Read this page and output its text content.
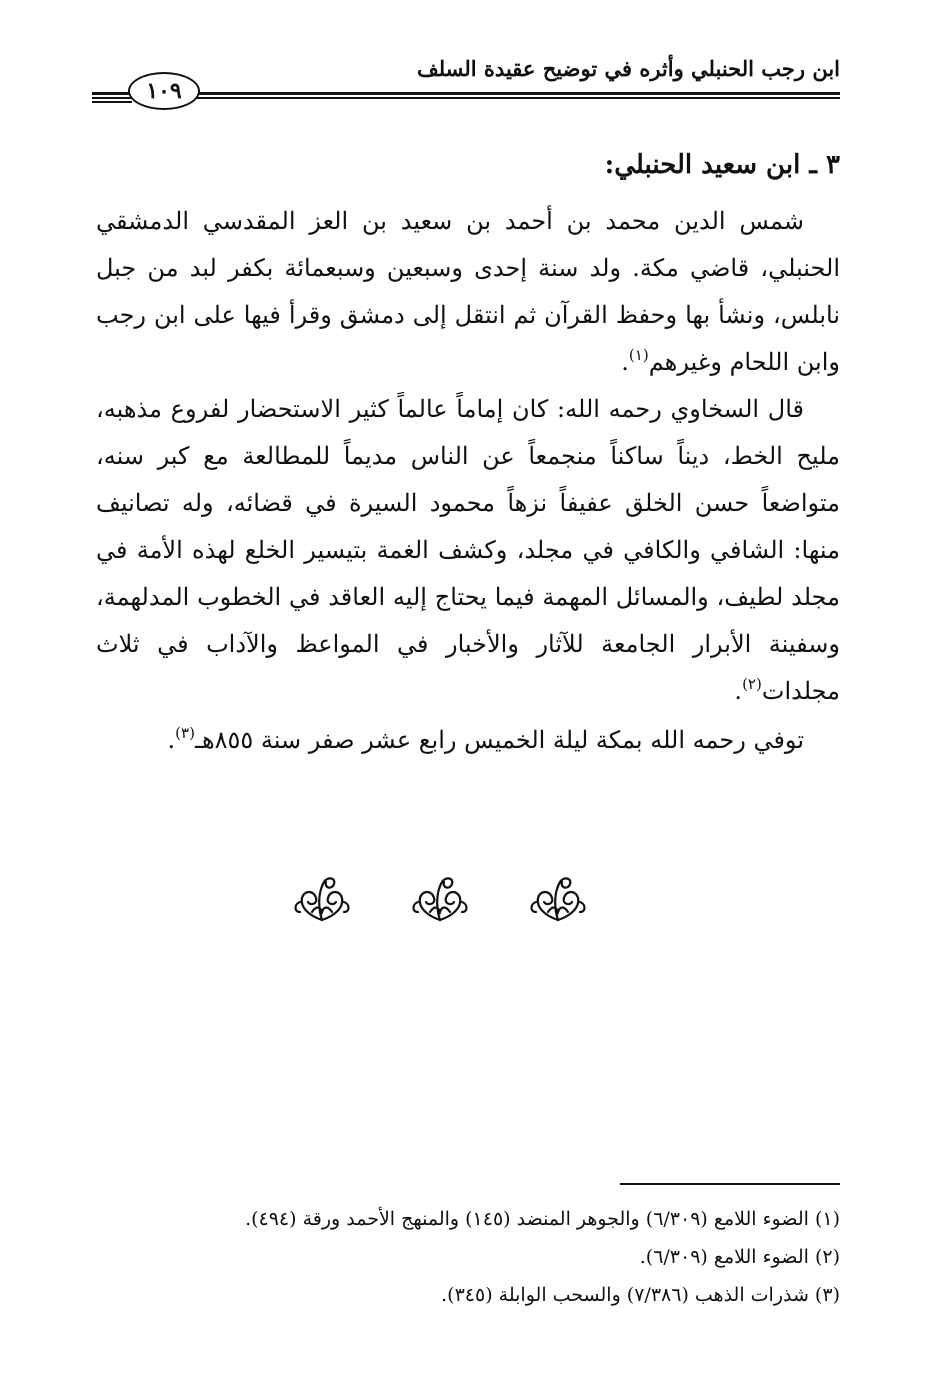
ابن رجب الحنبلي وأثره في توضيح عقيدة السلف
١٠٩
٣ ـ ابن سعيد الحنبلي:
شمس الدين محمد بن أحمد بن سعيد بن العز المقدسي الدمشقي الحنبلي، قاضي مكة. ولد سنة إحدى وسبعين وسبعمائة بكفر لبد من جبل نابلس، ونشأ بها وحفظ القرآن ثم انتقل إلى دمشق وقرأ فيها على ابن رجب وابن اللحام وغيرهم$^{(١)}$.
قال السخاوي رحمه الله: كان إماماً عالماً كثير الاستحضار لفروع مذهبه، مليح الخط، ديناً ساكناً منجمعاً عن الناس مديماً للمطالعة مع كبر سنه، متواضعاً حسن الخلق عفيفاً نزهاً محمود السيرة في قضائه، وله تصانيف منها: الشافي والكافي في مجلد، وكشف الغمة بتيسير الخلع لهذه الأمة في مجلد لطيف، والمسائل المهمة فيما يحتاج إليه العاقد في الخطوب المدلهمة، وسفينة الأبرار الجامعة للآثار والأخبار في المواعظ والآداب في ثلاث مجلدات$^{(٢)}$.
توفي رحمه الله بمكة ليلة الخميس رابع عشر صفر سنة ٨٥٥هـ$^{(٣)}$.
(١) الضوء اللامع (٦/٣٠٩) والجوهر المنضد (١٤٥) والمنهج الأحمد ورقة (٤٩٤).
(٢) الضوء اللامع (٦/٣٠٩).
(٣) شذرات الذهب (٧/٣٨٦) والسحب الوابلة (٣٤٥).
